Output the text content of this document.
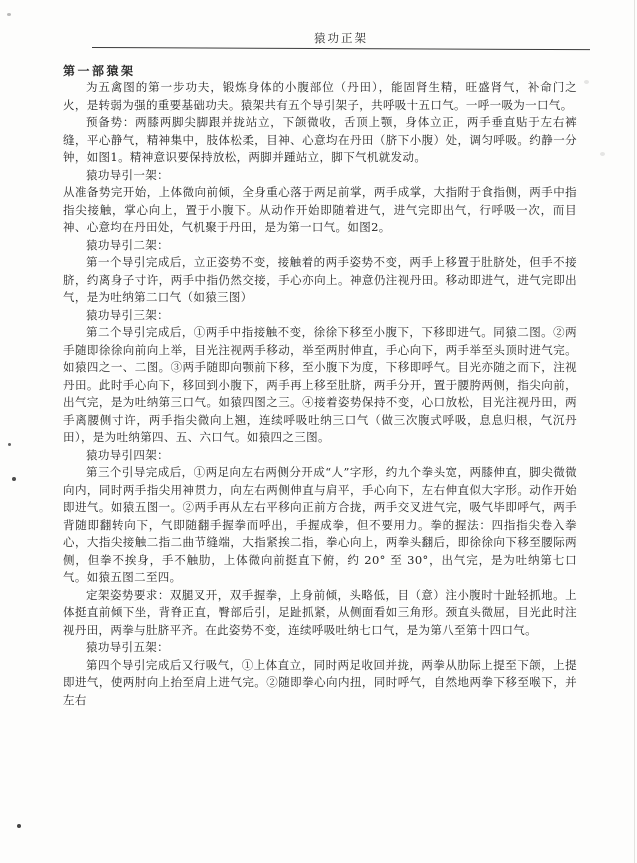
猿功正架
第一部猿架

为五禽图的第一步功夫，锻炼身体的小腹部位（丹田），能固肾生精，旺盛肾气，补命门之火，是转弱为强的重要基础功夫。猿架共有五个导引架子，共呼吸十五口气。一呼一吸为一口气。

预备势：两膝两脚尖脚跟并拢站立，下颌微收，舌顶上颚，身体立正，两手垂直贴于左右裤缝，平心静气，精神集中，肢体松柔，目神、心意均在丹田（脐下小腹）处，调匀呼吸。约静一分钟，如图1。精神意识要保持放松，两脚并踵站立，脚下气机就发动。

猿功导引一架：

从准备势完开始，上体微向前倾，全身重心落于两足前掌，两手成掌，大指附于食指侧，两手中指指尖接触，掌心向上，置于小腹下。从动作开始即随着进气，进气完即出气，行呼吸一次，而目神、心意均在丹田处，气机聚于丹田，是为第一口气。如图2。

猿功导引二架：

第一个导引完成后，立正姿势不变，接触着的两手姿势不变，两手上移置于肚脐处，但手不接脐，约离身子寸许，两手中指仍然交接，手心亦向上。神意仍注视丹田。移动即进气，进气完即出气，是为吐纳第二口气（如猿三图）

猿功导引三架：

第二个导引完成后，①两手中指接触不变，徐徐下移至小腹下，下移即进气。同猿二图。②两手随即徐徐向前向上举，目光注视两手移动，举至两肘伸直，手心向下，两手举至头顶时进气完。如猿四之一、二图。③两手随即向颚前下移，至小腹下为度，下移即呼气。目光亦随之而下，注视丹田。此时手心向下，移回到小腹下，两手再上移至肚脐，两手分开，置于腰胯两侧，指尖向前，出气完，是为吐纳第三口气。如猿四图之三。④接着姿势保持不变，心口放松，目光注视丹田，两手离腰侧寸许，两手指尖微向上翘，连续呼吸吐纳三口气（做三次腹式呼吸，息息归根，气沉丹田），是为吐纳第四、五、六口气。如猿四之三图。

猿功导引四架：

第三个引导完成后，①两足向左右两侧分开成“人”字形，约九个拳头宽，两膝伸直，脚尖微微向内，同时两手指尖用神贯力，向左右两侧伸直与肩平，手心向下，左右伸直似大字形。动作开始即进气。如猿五图一。②两手再从左右平移向正前方合拢，两手交叉进气完，吸气毕即呼气，两手背随即翻转向下，气即随翻手握拳而呼出，手握成拳，但不要用力。拳的握法：四指指尖卷入拳心，大指尖接触二指二曲节缝端，大指紧挨二指，拳心向上，两拳头翻后，即徐徐向下移至腰际两侧，但拳不挨身，手不触肋，上体微向前挺直下俯，约 20° 至 30°，出气完，是为吐纳第七口气。如猿五图二至四。

定架姿势要求：双腿叉开，双手握拳，上身前倾，头略低，目（意）注小腹时十趾轻抓地。上体挺直前倾下坐，背脊正直，臀部后引，足趾抓紧，从侧面看如三角形。颈直头微屈，目光此时注视丹田，两拳与肚脐平齐。在此姿势不变，连续呼吸吐纳七口气，是为第八至第十四口气。

猿功导引五架：

第四个导引完成后又行吸气，①上体直立，同时两足收回并拢，两拳从肋际上提至下颌，上提即进气，使两肘向上抬至肩上进气完。②随即拳心向内扭，同时呼气，自然地两拳下移至喉下，并左右
